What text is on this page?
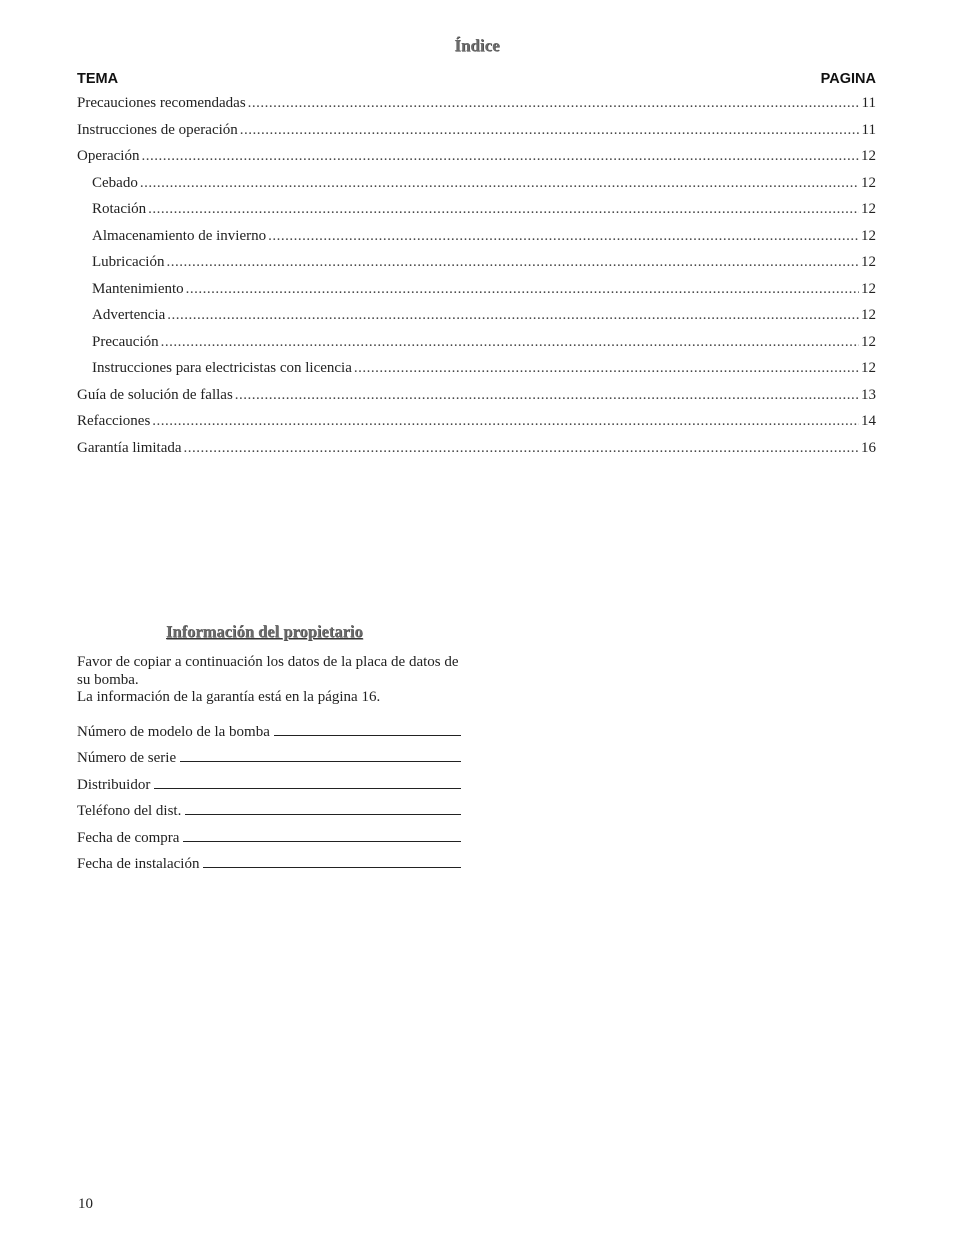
Índice
TEMA	PAGINA
Precauciones recomendadas .....	11
Instrucciones de operación .....	11
Operación .....	12
Cebado .....	12
Rotación .....	12
Almacenamiento de invierno .....	12
Lubricación .....	12
Mantenimiento .....	12
Advertencia .....	12
Precaución .....	12
Instrucciones para electricistas con licencia .....	12
Guía de solución de fallas .....	13
Refacciones .....	14
Garantía limitada .....	16
Información del propietario
Favor de copiar a continuación los datos de la placa de datos de su bomba.
La información de la garantía está en la página 16.
Número de modelo de la bomba
Número de serie
Distribuidor
Teléfono del dist.
Fecha de compra
Fecha de instalación
10
